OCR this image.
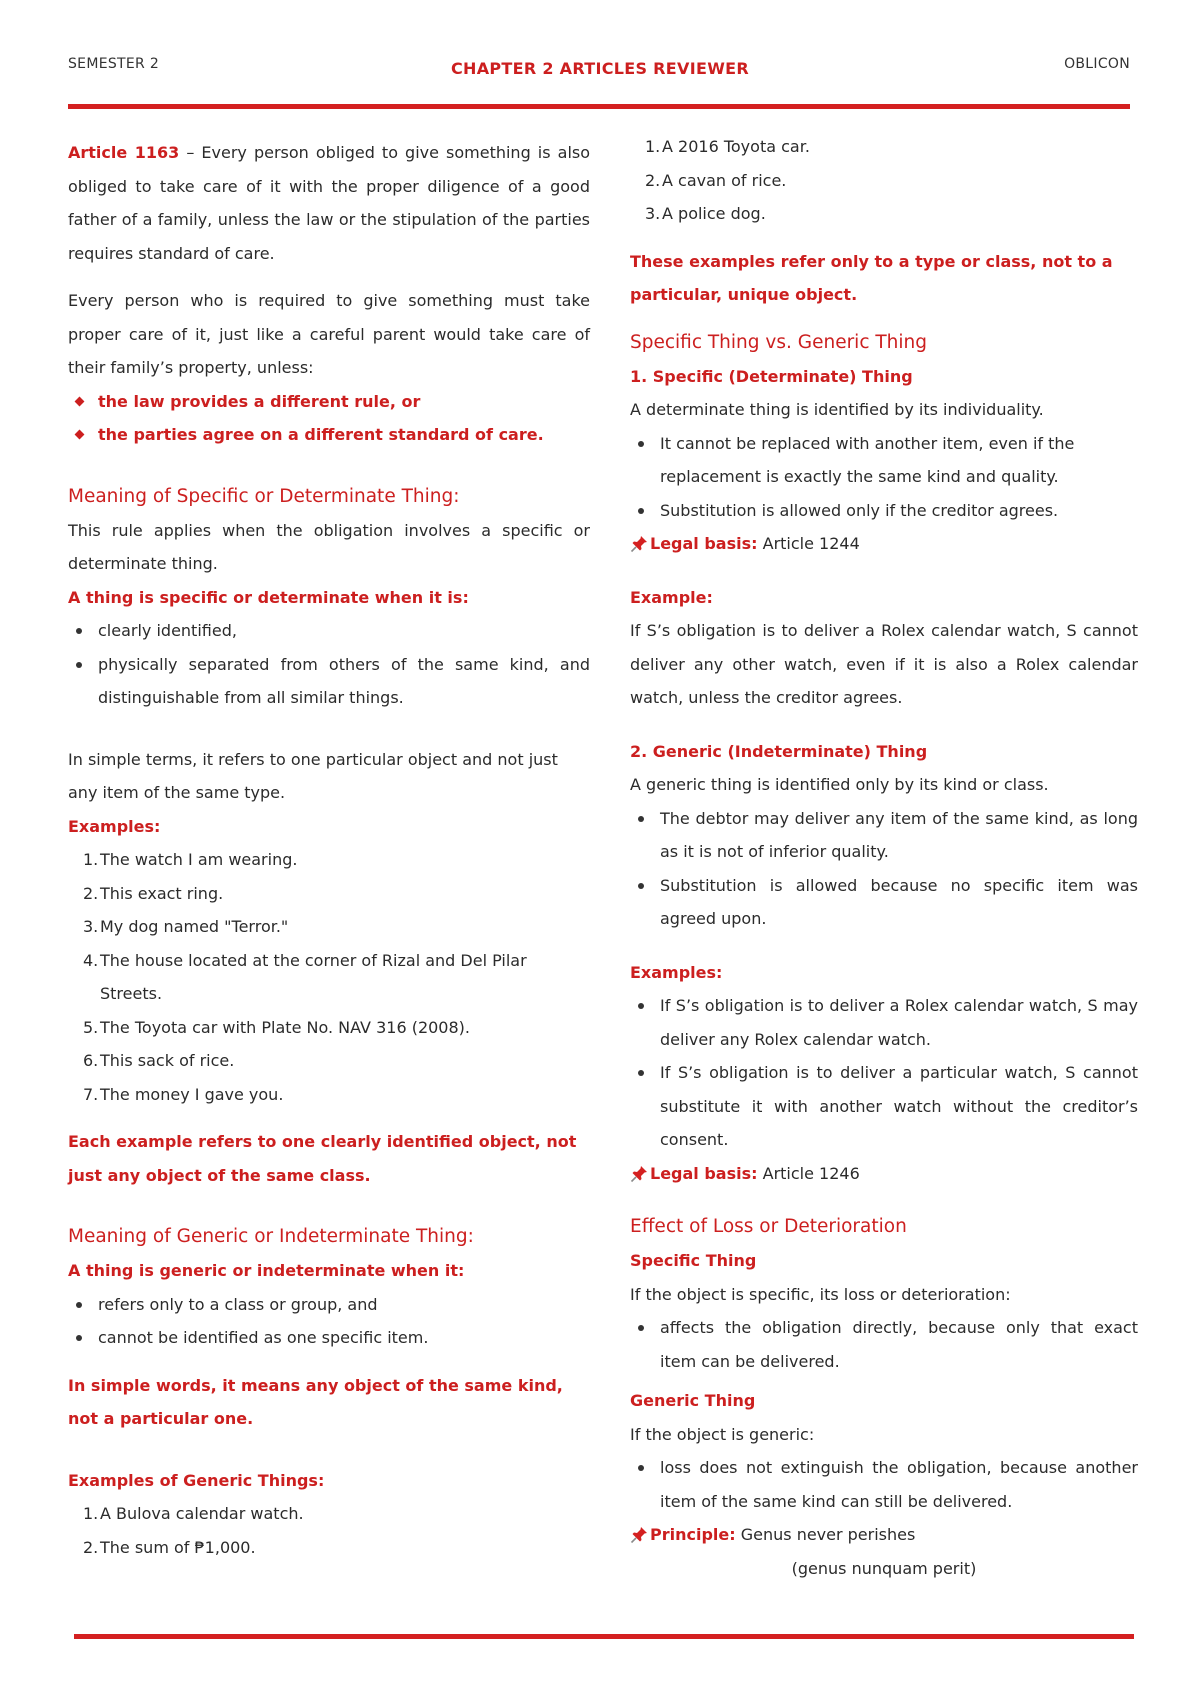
SEMESTER 2	CHAPTER 2 ARTICLES REVIEWER	OBLICON

Article 1163 – Every person obliged to give something is also obliged to take care of it with the proper diligence of a good father of a family, unless the law or the stipulation of the parties requires standard of care.

Every person who is required to give something must take proper care of it, just like a careful parent would take care of their family’s property, unless:

the law provides a different rule, or
the parties agree on a different standard of care.

Meaning of Specific or Determinate Thing:

This rule applies when the obligation involves a specific or determinate thing.

A thing is specific or determinate when it is:

clearly identified,
physically separated from others of the same kind, and distinguishable from all similar things.

In simple terms, it refers to one particular object and not just any item of the same type.

Examples:

1. The watch I am wearing.
2. This exact ring.
3. My dog named "Terror."
4. The house located at the corner of Rizal and Del Pilar Streets.
5. The Toyota car with Plate No. NAV 316 (2008).
6. This sack of rice.
7. The money I gave you.

Each example refers to one clearly identified object, not just any object of the same class.

Meaning of Generic or Indeterminate Thing:

A thing is generic or indeterminate when it:

refers only to a class or group, and
cannot be identified as one specific item.

In simple words, it means any object of the same kind, not a particular one.

Examples of Generic Things:

1. A Bulova calendar watch.
2. The sum of ₱1,000.
1. A 2016 Toyota car.
2. A cavan of rice.
3. A police dog.

These examples refer only to a type or class, not to a particular, unique object.

Specific Thing vs. Generic Thing

1. Specific (Determinate) Thing

A determinate thing is identified by its individuality.

It cannot be replaced with another item, even if the replacement is exactly the same kind and quality.
Substitution is allowed only if the creditor agrees.

Legal basis: Article 1244

Example:

If S’s obligation is to deliver a Rolex calendar watch, S cannot deliver any other watch, even if it is also a Rolex calendar watch, unless the creditor agrees.

2. Generic (Indeterminate) Thing

A generic thing is identified only by its kind or class.

The debtor may deliver any item of the same kind, as long as it is not of inferior quality.
Substitution is allowed because no specific item was agreed upon.

Examples:

If S’s obligation is to deliver a Rolex calendar watch, S may deliver any Rolex calendar watch.
If S’s obligation is to deliver a particular watch, S cannot substitute it with another watch without the creditor’s consent.

Legal basis: Article 1246

Effect of Loss or Deterioration

Specific Thing

If the object is specific, its loss or deterioration:

affects the obligation directly, because only that exact item can be delivered.

Generic Thing

If the object is generic:

loss does not extinguish the obligation, because another item of the same kind can still be delivered.

Principle: Genus never perishes

(genus nunquam perit)
